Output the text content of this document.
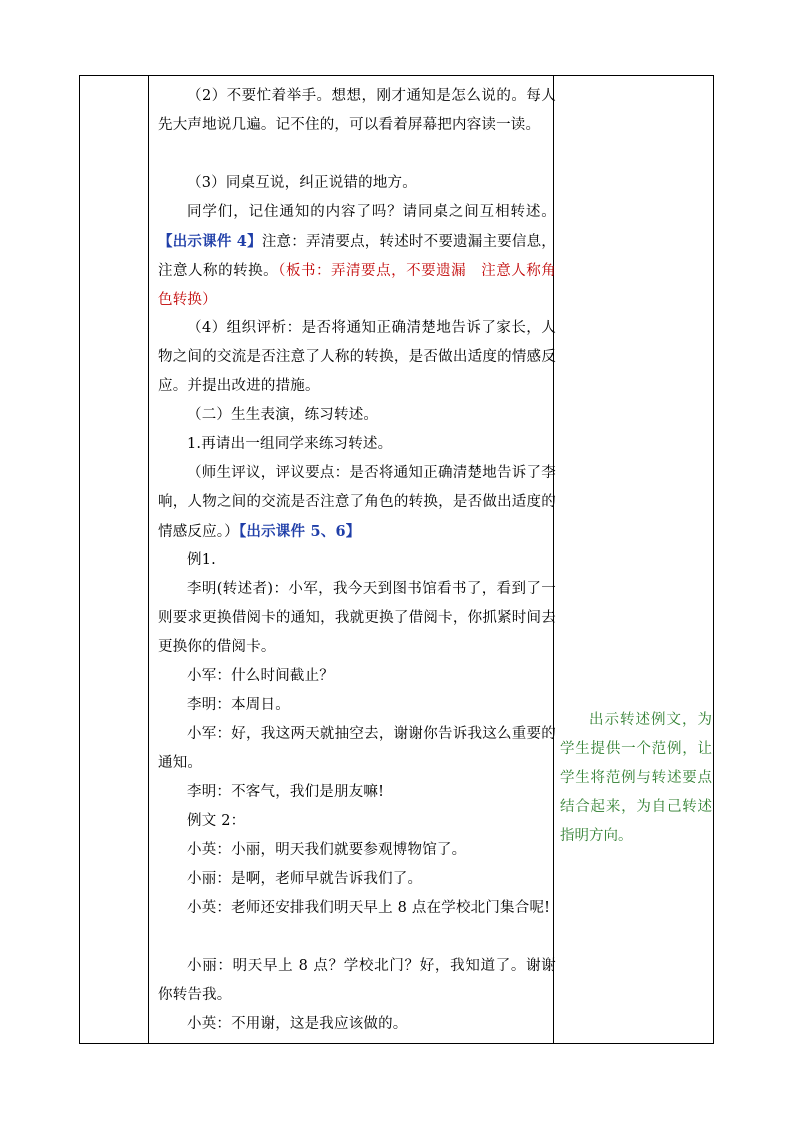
（2）不要忙着举手。想想，刚才通知是怎么说的。每人先大声地说几遍。记不住的，可以看着屏幕把内容读一读。
（3）同桌互说，纠正说错的地方。
同学们，记住通知的内容了吗？请同桌之间互相转述。【出示课件 4】注意：弄清要点，转述时不要遗漏主要信息，注意人称的转换。（板书：弄清要点，不要遗漏　注意人称角色转换）
（4）组织评析：是否将通知正确清楚地告诉了家长，人物之间的交流是否注意了人称的转换，是否做出适度的情感反应。并提出改进的措施。
（二）生生表演，练习转述。
1.再请出一组同学来练习转述。
（师生评议，评议要点：是否将通知正确清楚地告诉了李响，人物之间的交流是否注意了角色的转换，是否做出适度的情感反应。）【出示课件 5、6】
例1.
李明(转述者)：小军，我今天到图书馆看书了，看到了一则要求更换借阅卡的通知，我就更换了借阅卡，你抓紧时间去更换你的借阅卡。
小军：什么时间截止？
李明：本周日。
小军：好，我这两天就抽空去，谢谢你告诉我这么重要的通知。
李明：不客气，我们是朋友嘛!
例文 2：
小英：小丽，明天我们就要参观博物馆了。
小丽：是啊，老师早就告诉我们了。
小英：老师还安排我们明天早上 8 点在学校北门集合呢!
小丽：明天早上 8 点？学校北门？好，我知道了。谢谢你转告我。
小英：不用谢，这是我应该做的。
出示转述例文，为学生提供一个范例，让学生将范例与转述要点结合起来，为自己转述指明方向。
